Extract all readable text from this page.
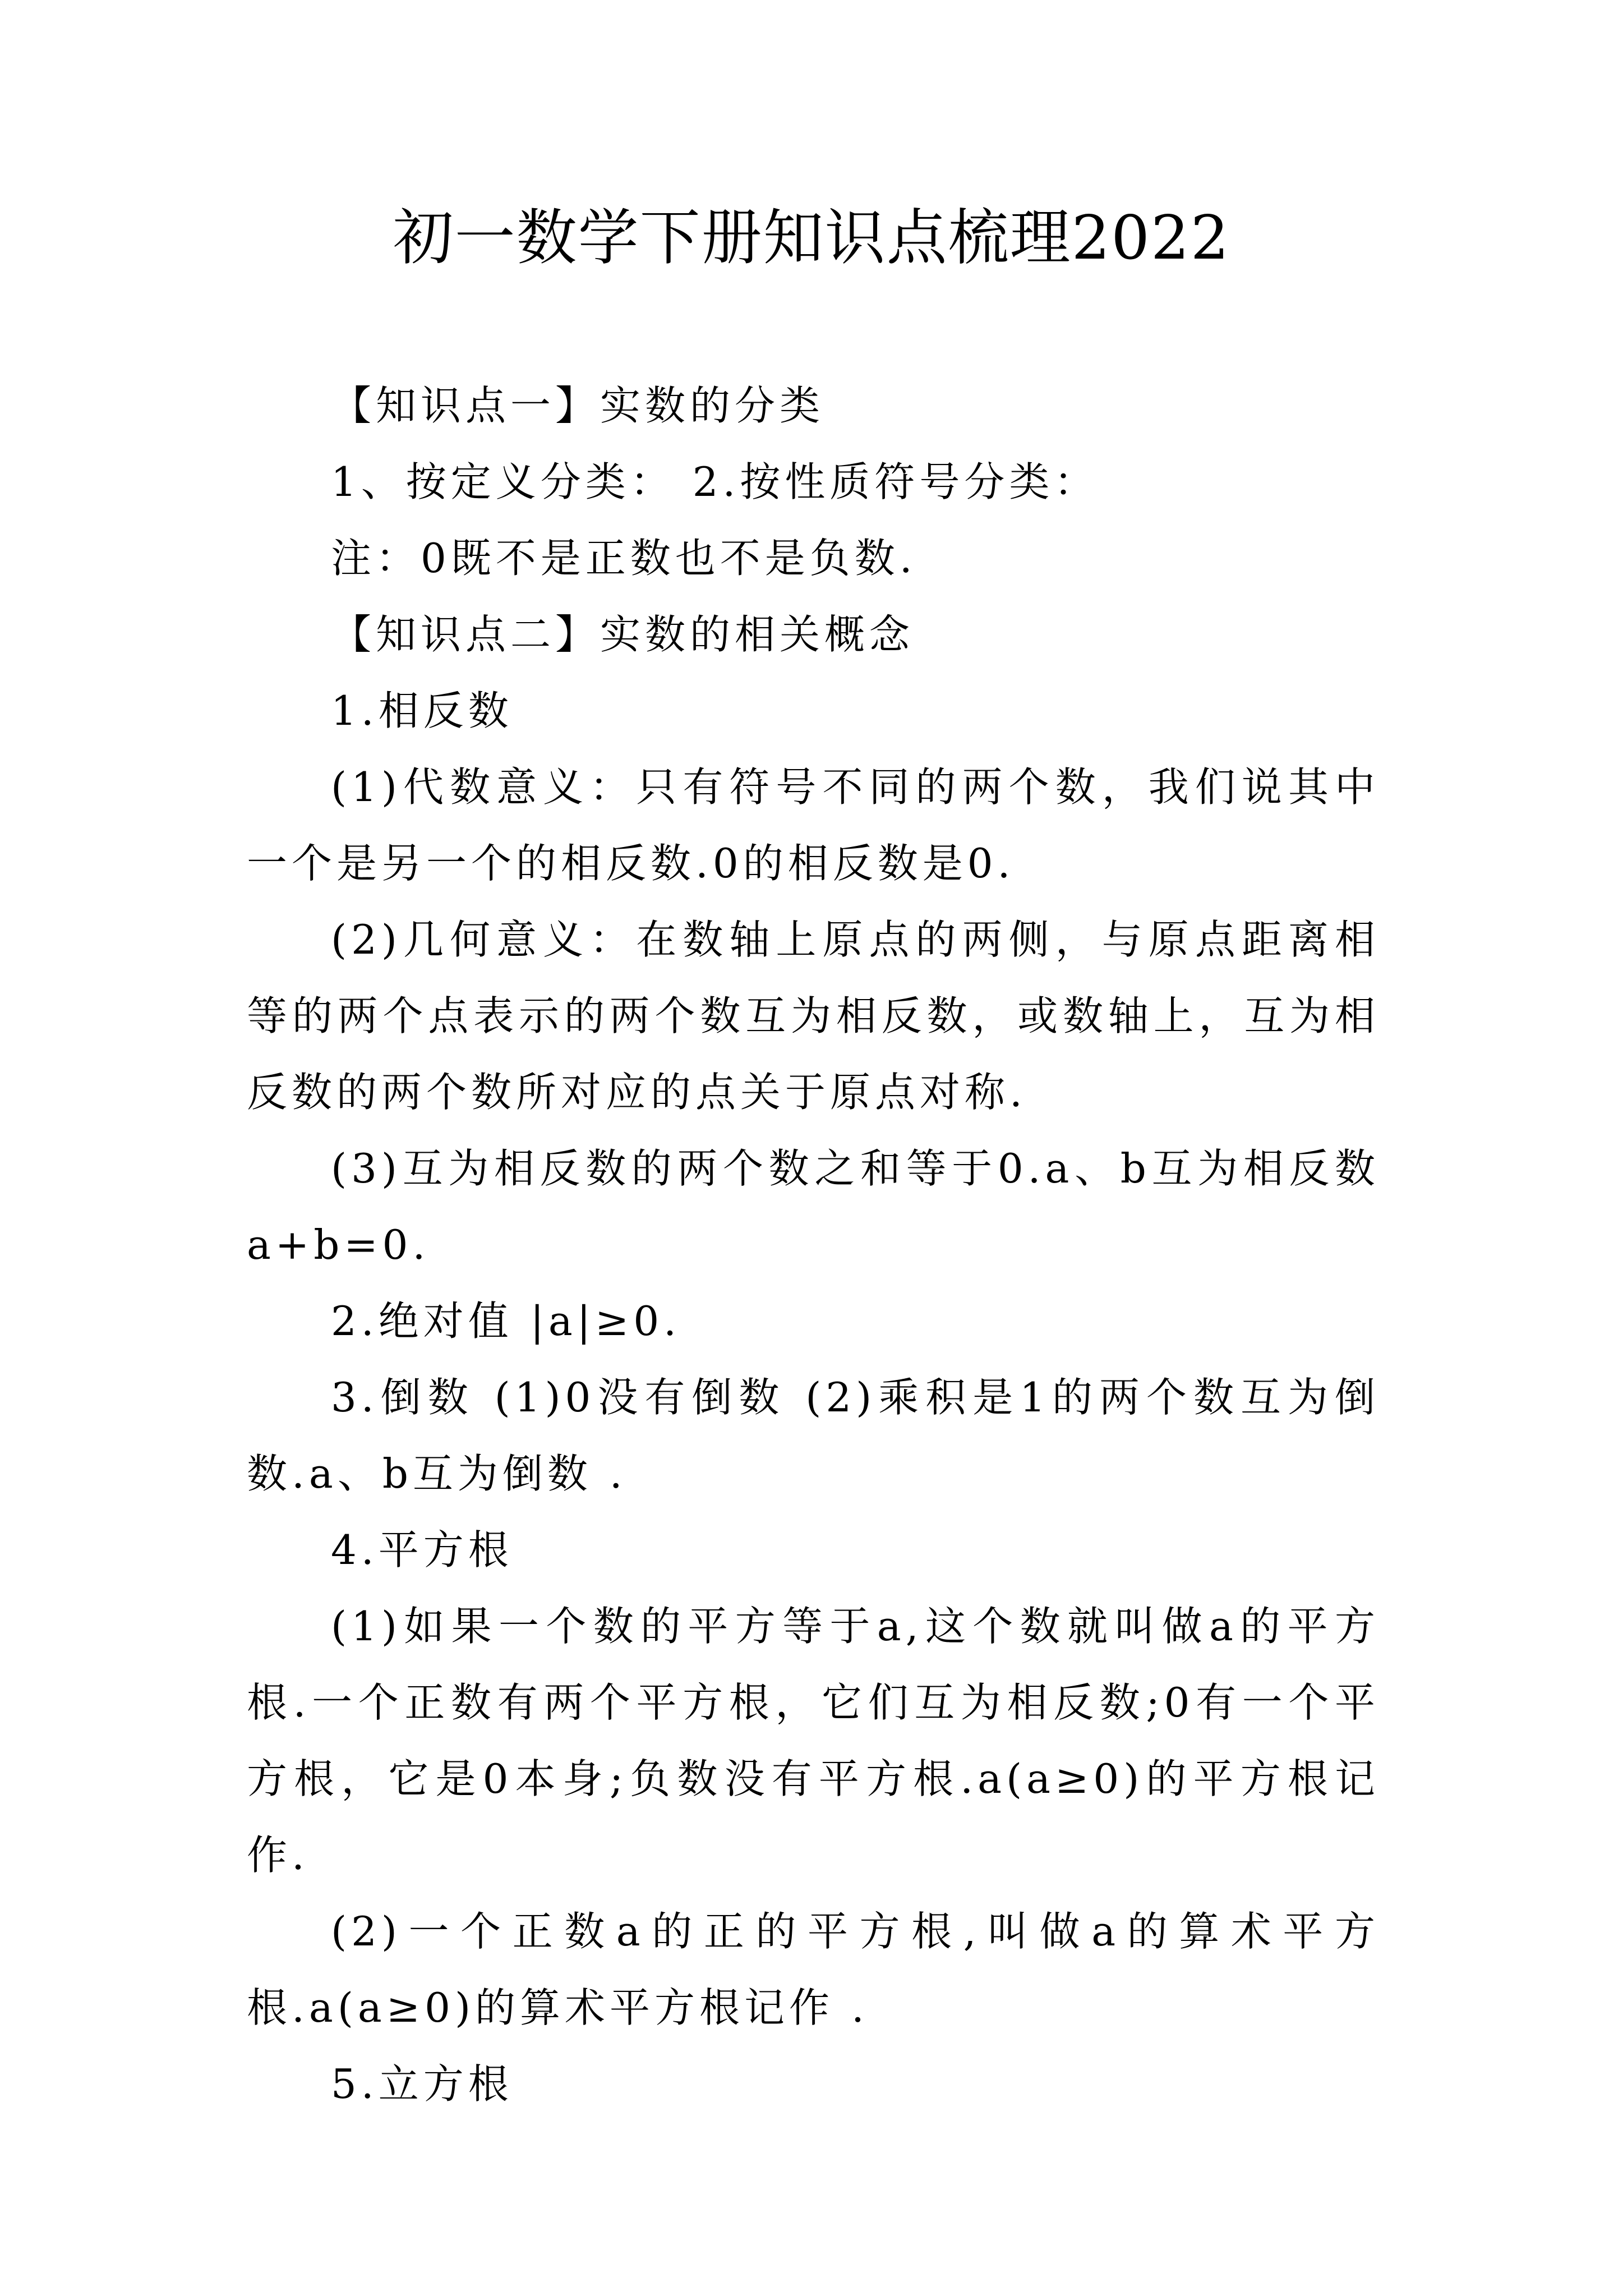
初一数学下册知识点梳理2022

【知识点一】实数的分类

1、按定义分类： 2.按性质符号分类：

注：0既不是正数也不是负数.

【知识点二】实数的相关概念

1.相反数

(1)代数意义：只有符号不同的两个数，我们说其中一个是另一个的相反数.0的相反数是0.

(2)几何意义：在数轴上原点的两侧，与原点距离相等的两个点表示的两个数互为相反数，或数轴上，互为相反数的两个数所对应的点关于原点对称.

(3)互为相反数的两个数之和等于0.a、b互为相反数a+b=0.

2.绝对值 |a|≥0.

3.倒数 (1)0没有倒数 (2)乘积是1的两个数互为倒数.a、b互为倒数 .

4.平方根

(1)如果一个数的平方等于a,这个数就叫做a的平方根.一个正数有两个平方根，它们互为相反数;0有一个平方根，它是0本身;负数没有平方根.a(a≥0)的平方根记作.

(2)一个正数a的正的平方根,叫做a的算术平方根.a(a≥0)的算术平方根记作 .

5.立方根
